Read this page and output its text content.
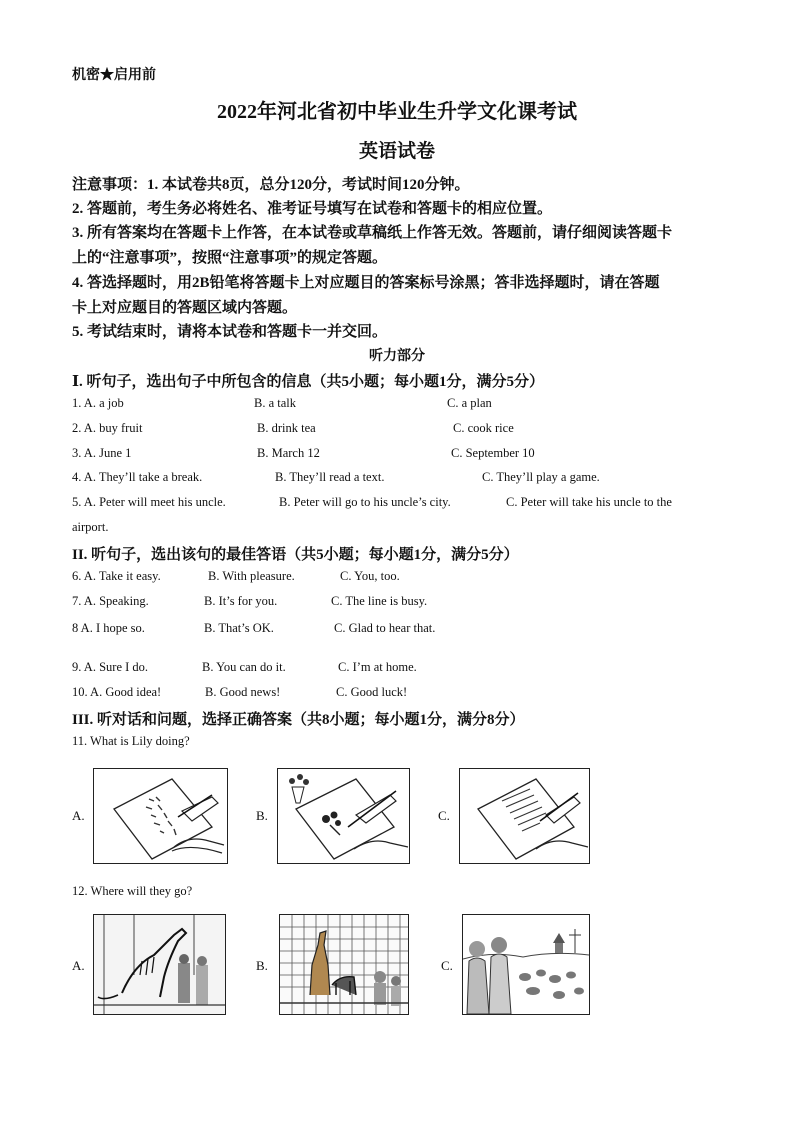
机密★启用前
2022年河北省初中毕业生升学文化课考试
英语试卷
注意事项：1. 本试卷共8页，总分120分，考试时间120分钟。
2. 答题前，考生务必将姓名、准考证号填写在试卷和答题卡的相应位置。
3. 所有答案均在答题卡上作答，在本试卷或草稿纸上作答无效。答题前，请仔细阅读答题卡
上的“注意事项”，按照“注意事项”的规定答题。
4. 答选择题时，用2B铅笔将答题卡上对应题目的答案标号涂黑；答非选择题时，请在答题
卡上对应题目的答题区域内答题。
5. 考试结束时，请将本试卷和答题卡一并交回。
听力部分
Ⅰ. 听句子，选出句子中所包含的信息（共5小题；每小题1分，满分5分）
1. A. a job	B. a talk	C. a plan
2. A. buy fruit	B. drink tea	C. cook rice
3. A. June 1	B. March 12	C. September 10
4. A. They’ll take a break.	B. They’ll read a text.	C. They’ll play a game.
5. A. Peter will meet his uncle.	B. Peter will go to his uncle’s city.	C. Peter will take his uncle to the
airport.
II. 听句子，选出该句的最佳答语（共5小题；每小题1分，满分5分）
6. A. Take it easy.	B. With pleasure.	C. You, too.
7. A. Speaking.	B. It’s for you.	C. The line is busy.
8 A. I hope so.	B. That’s OK.	C. Glad to hear that.
9. A. Sure I do.	B. You can do it.	C. I’m at home.
10. A. Good idea!	B. Good news!	C. Good luck!
III. 听对话和问题，选择正确答案（共8小题；每小题1分，满分8分）
11. What is Lily doing?
A.	B.	C.
12. Where will they go?
A.	B.	C.
